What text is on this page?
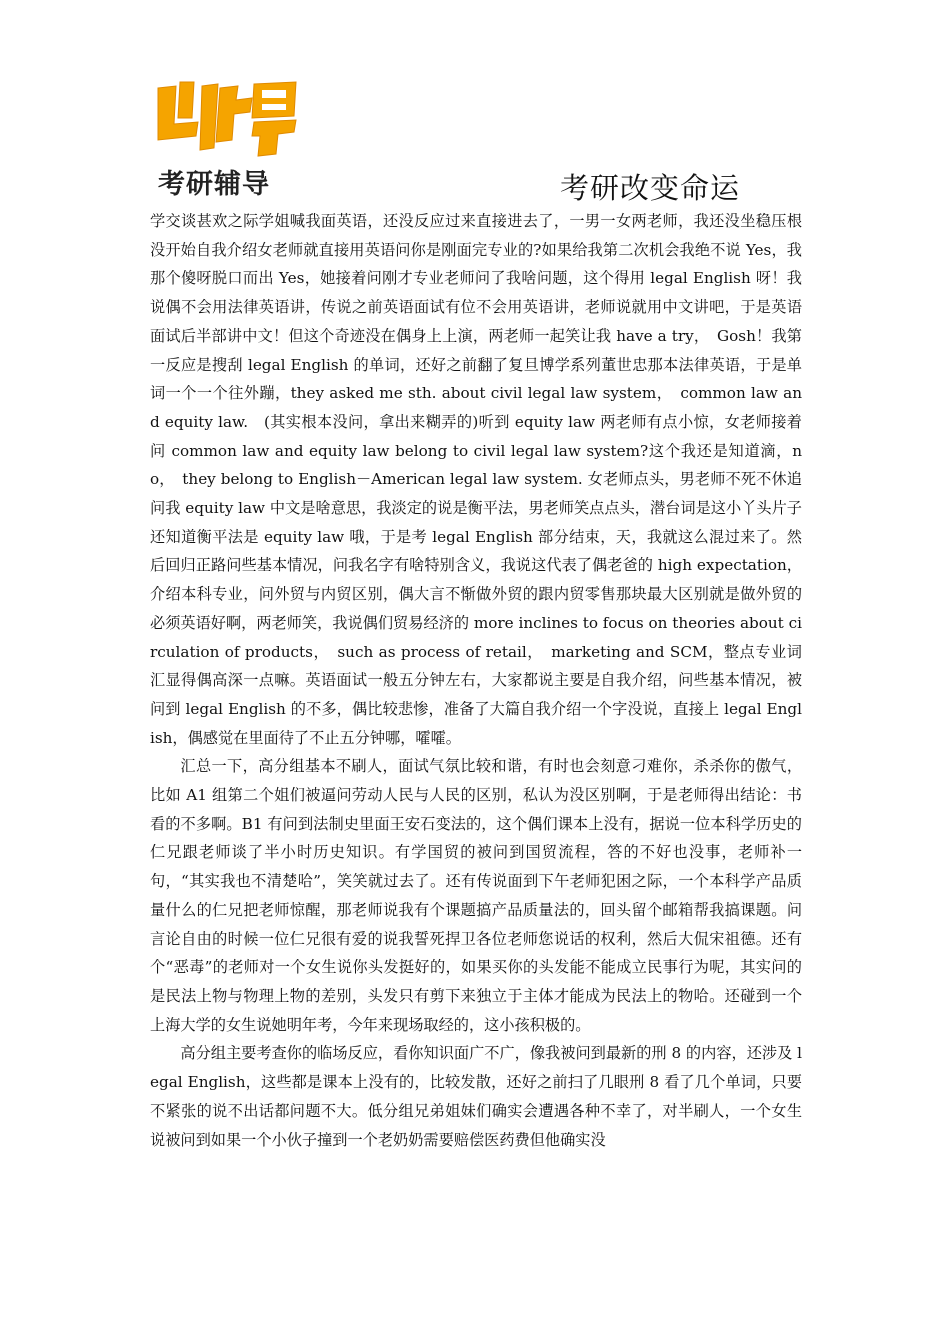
考研辅导	考研改变命运

学交谈甚欢之际学姐喊我面英语，还没反应过来直接进去了，一男一女两老师，我还没坐稳压根没开始自我介绍女老师就直接用英语问你是刚面完专业的?如果给我第二次机会我绝不说 Yes，我那个傻呀脱口而出 Yes，她接着问刚才专业老师问了我啥问题，这个得用 legal English 呀！我说偶不会用法律英语讲，传说之前英语面试有位不会用英语讲，老师说就用中文讲吧，于是英语面试后半部讲中文！但这个奇迹没在偶身上上演，两老师一起笑让我 have a try，　Gosh！我第一反应是搜刮 legal English 的单词，还好之前翻了复旦博学系列董世忠那本法律英语，于是单词一个一个往外蹦，they asked me sth. about civil legal law system，　common law and equity law.　(其实根本没问，拿出来糊弄的)听到 equity law 两老师有点小惊，女老师接着问 common law and equity law belong to civil legal law system?这个我还是知道滴，no，　they belong to English－American legal law system. 女老师点头，男老师不死不休追问我 equity law 中文是啥意思，我淡定的说是衡平法，男老师笑点点头，潜台词是这小丫头片子还知道衡平法是 equity law 哦，于是考 legal English 部分结束，天，我就这么混过来了。然后回归正路问些基本情况，问我名字有啥特别含义，我说这代表了偶老爸的 high expectation，介绍本科专业，问外贸与内贸区别，偶大言不惭做外贸的跟内贸零售那块最大区别就是做外贸的必须英语好啊，两老师笑，我说偶们贸易经济的 more inclines to focus on theories about circulation of products，　such as process of retail，　marketing and SCM，整点专业词汇显得偶高深一点嘛。英语面试一般五分钟左右，大家都说主要是自我介绍，问些基本情况，被问到 legal English 的不多，偶比较悲惨，准备了大篇自我介绍一个字没说，直接上 legal English，偶感觉在里面待了不止五分钟哪，嚯嚯。

汇总一下，高分组基本不刷人，面试气氛比较和谐，有时也会刻意刁难你，杀杀你的傲气，比如 A1 组第二个姐们被逼问劳动人民与人民的区别，私认为没区别啊，于是老师得出结论：书看的不多啊。B1 有问到法制史里面王安石变法的，这个偶们课本上没有，据说一位本科学历史的仁兄跟老师谈了半小时历史知识。有学国贸的被问到国贸流程，答的不好也没事，老师补一句，“其实我也不清楚哈”，笑笑就过去了。还有传说面到下午老师犯困之际，一个本科学产品质量什么的仁兄把老师惊醒，那老师说我有个课题搞产品质量法的，回头留个邮箱帮我搞课题。问言论自由的时候一位仁兄很有爱的说我誓死捍卫各位老师您说话的权利，然后大侃宋祖德。还有个“恶毒”的老师对一个女生说你头发挺好的，如果买你的头发能不能成立民事行为呢，其实问的是民法上物与物理上物的差别，头发只有剪下来独立于主体才能成为民法上的物哈。还碰到一个上海大学的女生说她明年考，今年来现场取经的，这小孩积极的。

高分组主要考查你的临场反应，看你知识面广不广，像我被问到最新的刑 8 的内容，还涉及 legal English，这些都是课本上没有的，比较发散，还好之前扫了几眼刑 8 看了几个单词，只要不紧张的说不出话都问题不大。低分组兄弟姐妹们确实会遭遇各种不幸了，对半刷人，一个女生说被问到如果一个小伙子撞到一个老奶奶需要赔偿医药费但他确实没
